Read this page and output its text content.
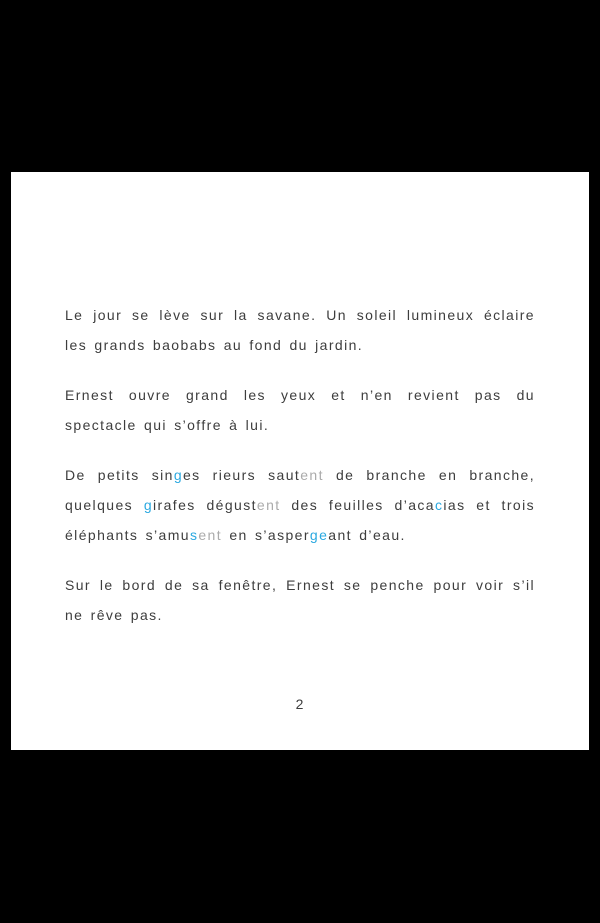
Le jour se lève sur la savane. Un soleil lumineux éclaire
les grands baobabs au fond du jardin.
Ernest ouvre grand les yeux et n’en revient pas du
spectacle qui s’offre à lui.
De petits singes rieurs sautent de branche en branche,
quelques girafes dégustent des feuilles d’acacias et trois
éléphants s’amusent en s’aspergeant d’eau.
Sur le bord de sa fenêtre, Ernest se penche pour voir s’il
ne rêve pas.
2
